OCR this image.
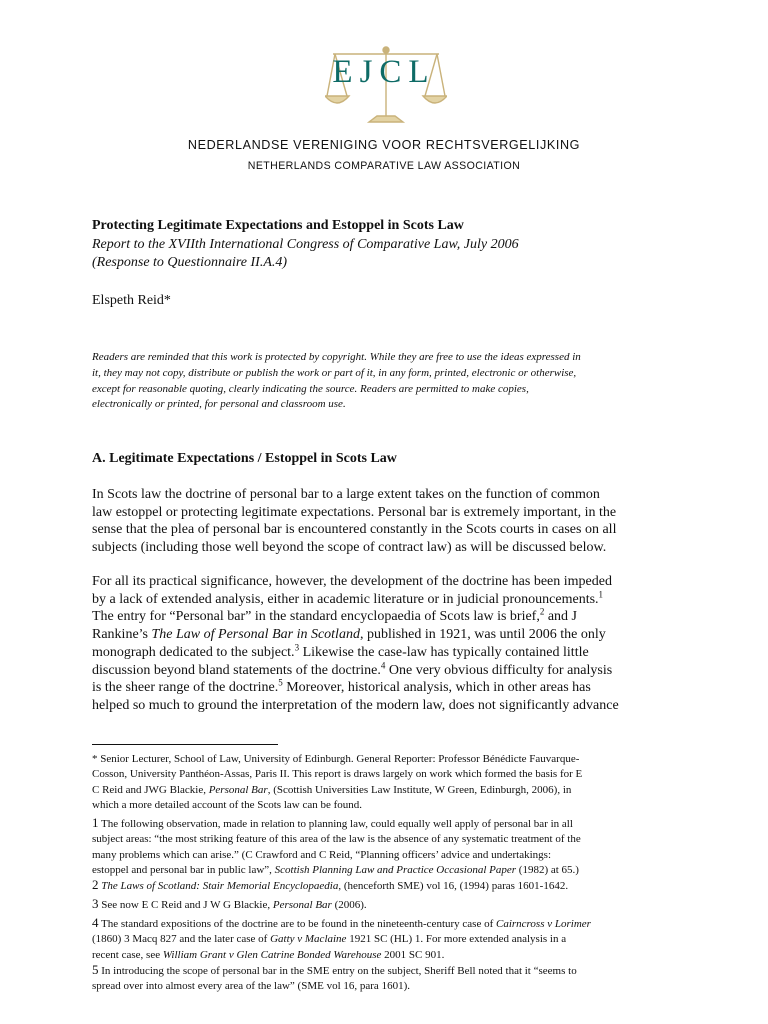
EJCL
NEDERLANDSE VERENIGING VOOR RECHTSVERGELIJKING
NETHERLANDS COMPARATIVE LAW ASSOCIATION
Protecting Legitimate Expectations and Estoppel in Scots Law
Report to the XVIIth International Congress of Comparative Law, July 2006
(Response to Questionnaire II.A.4)
Elspeth Reid*
Readers are reminded that this work is protected by copyright. While they are free to use the ideas expressed in
it, they may not copy, distribute or publish the work or part of it, in any form, printed, electronic or otherwise,
except for reasonable quoting, clearly indicating the source. Readers are permitted to make copies,
electronically or printed, for personal and classroom use.
A. Legitimate Expectations / Estoppel in Scots Law
In Scots law the doctrine of personal bar to a large extent takes on the function of common
law estoppel or protecting legitimate expectations. Personal bar is extremely important, in the
sense that the plea of personal bar is encountered constantly in the Scots courts in cases on all
subjects (including those well beyond the scope of contract law) as will be discussed below.
For all its practical significance, however, the development of the doctrine has been impeded
by a lack of extended analysis, either in academic literature or in judicial pronouncements.$^1$
The entry for “Personal bar” in the standard encyclopaedia of Scots law is brief,$^2$ and J
Rankine’s The Law of Personal Bar in Scotland, published in 1921, was until 2006 the only
monograph dedicated to the subject.$^3$ Likewise the case-law has typically contained little
discussion beyond bland statements of the doctrine.$^4$ One very obvious difficulty for analysis
is the sheer range of the doctrine.$^5$ Moreover, historical analysis, which in other areas has
helped so much to ground the interpretation of the modern law, does not significantly advance
* Senior Lecturer, School of Law, University of Edinburgh. General Reporter: Professor Bénédicte Fauvarque-
Cosson, University Panthéon-Assas, Paris II. This report is draws largely on work which formed the basis for E
C Reid and JWG Blackie, Personal Bar, (Scottish Universities Law Institute, W Green, Edinburgh, 2006), in
which a more detailed account of the Scots law can be found.
1 The following observation, made in relation to planning law, could equally well apply of personal bar in all
subject areas: “the most striking feature of this area of the law is the absence of any systematic treatment of the
many problems which can arise.” (C Crawford and C Reid, “Planning officers’ advice and undertakings:
estoppel and personal bar in public law”, Scottish Planning Law and Practice Occasional Paper (1982) at 65.)
2 The Laws of Scotland: Stair Memorial Encyclopaedia, (henceforth SME) vol 16, (1994) paras 1601-1642.
3 See now E C Reid and J W G Blackie, Personal Bar (2006).
4 The standard expositions of the doctrine are to be found in the nineteenth-century case of Cairncross v Lorimer
(1860) 3 Macq 827 and the later case of Gatty v Maclaine 1921 SC (HL) 1. For more extended analysis in a
recent case, see William Grant v Glen Catrine Bonded Warehouse 2001 SC 901.
5 In introducing the scope of personal bar in the SME entry on the subject, Sheriff Bell noted that it “seems to
spread over into almost every area of the law” (SME vol 16, para 1601).
